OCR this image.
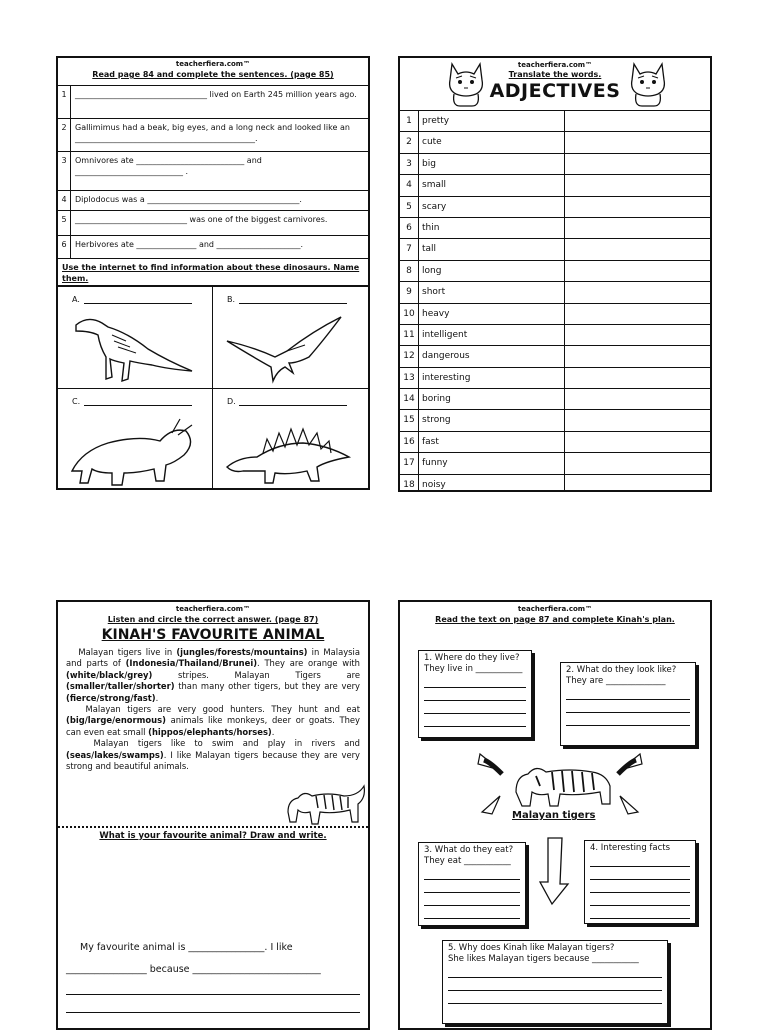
teacherfiera.com™
Read page 84 and complete the sentences. (page 85)
1	_________________________________ lived on Earth 245 million years ago.
2	Gallimimus had a beak, big eyes, and a long neck and looked like an _____________________________________________.
3	Omnivores ate ___________________________ and ___________________________ .
4	Diplodocus was a ______________________________________.
5	____________________________ was one of the biggest carnivores.
6	Herbivores ate _______________ and _____________________.
Use the internet to find information about these dinosaurs. Name them.
A.	B.
C.	D.
teacherfiera.com™
Translate the words.
ADJECTIVES
1	pretty
2	cute
3	big
4	small
5	scary
6	thin
7	tall
8	long
9	short
10 heavy
11 intelligent
12 dangerous
13 interesting
14 boring
15 strong
16 fast
17 funny
18 noisy
teacherfiera.com™
Listen and circle the correct answer. (page 87)
KINAH'S FAVOURITE ANIMAL
Malayan tigers live in (jungles/forests/mountains) in Malaysia and parts of (Indonesia/Thailand/Brunei). They are orange with (white/black/grey) stripes. Malayan Tigers are (smaller/taller/shorter) than many other tigers, but they are very (fierce/strong/fast).
Malayan tigers are very good hunters. They hunt and eat (big/large/enormous) animals like monkeys, deer or goats. They can even eat small (hippos/elephants/horses).
Malayan tigers like to swim and play in rivers and (seas/lakes/swamps). I like Malayan tigers because they are very strong and beautiful animals.
What is your favourite animal? Draw and write.
My favourite animal is ________________. I like
_________________ because ___________________________
teacherfiera.com™
Read the text on page 87 and complete Kinah's plan.
1. Where do they live?
They live in ___________	2. What do they look like?
They are ______________
Malayan tigers
3. What do they eat?
They eat ___________
4. Interesting facts
5. Why does Kinah like Malayan tigers?
She likes Malayan tigers because ___________
